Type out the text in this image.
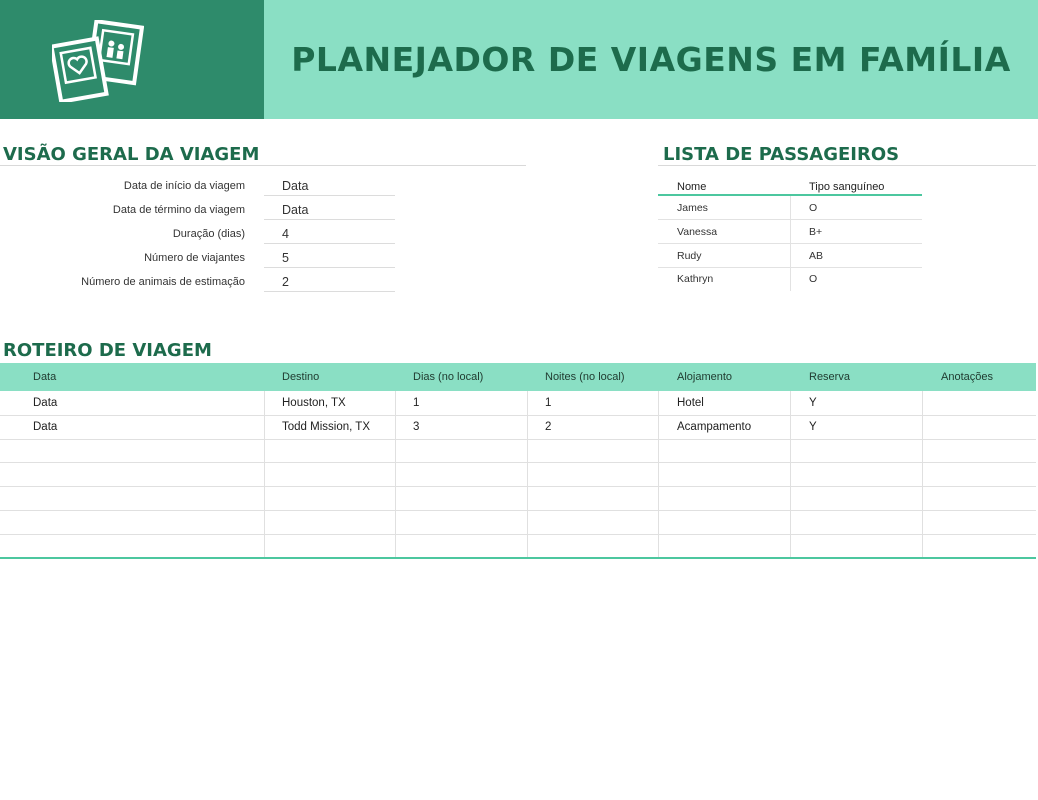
PLANEJADOR DE VIAGENS EM FAMÍLIA
VISÃO GERAL DA VIAGEM
Data de início da viagem	Data
Data de término da viagem	Data
Duração (dias)	4
Número de viajantes	5
Número de animais de estimação	2
LISTA DE PASSAGEIROS
Nome	Tipo sanguíneo
James	O
Vanessa	B+
Rudy	AB
Kathryn	O
ROTEIRO DE VIAGEM
Data	Destino	Dias (no local)	Noites (no local)	Alojamento	Reserva	Anotações
Data	Houston, TX	1	1	Hotel	Y
Data	Todd Mission, TX	3	2	Acampamento	Y
